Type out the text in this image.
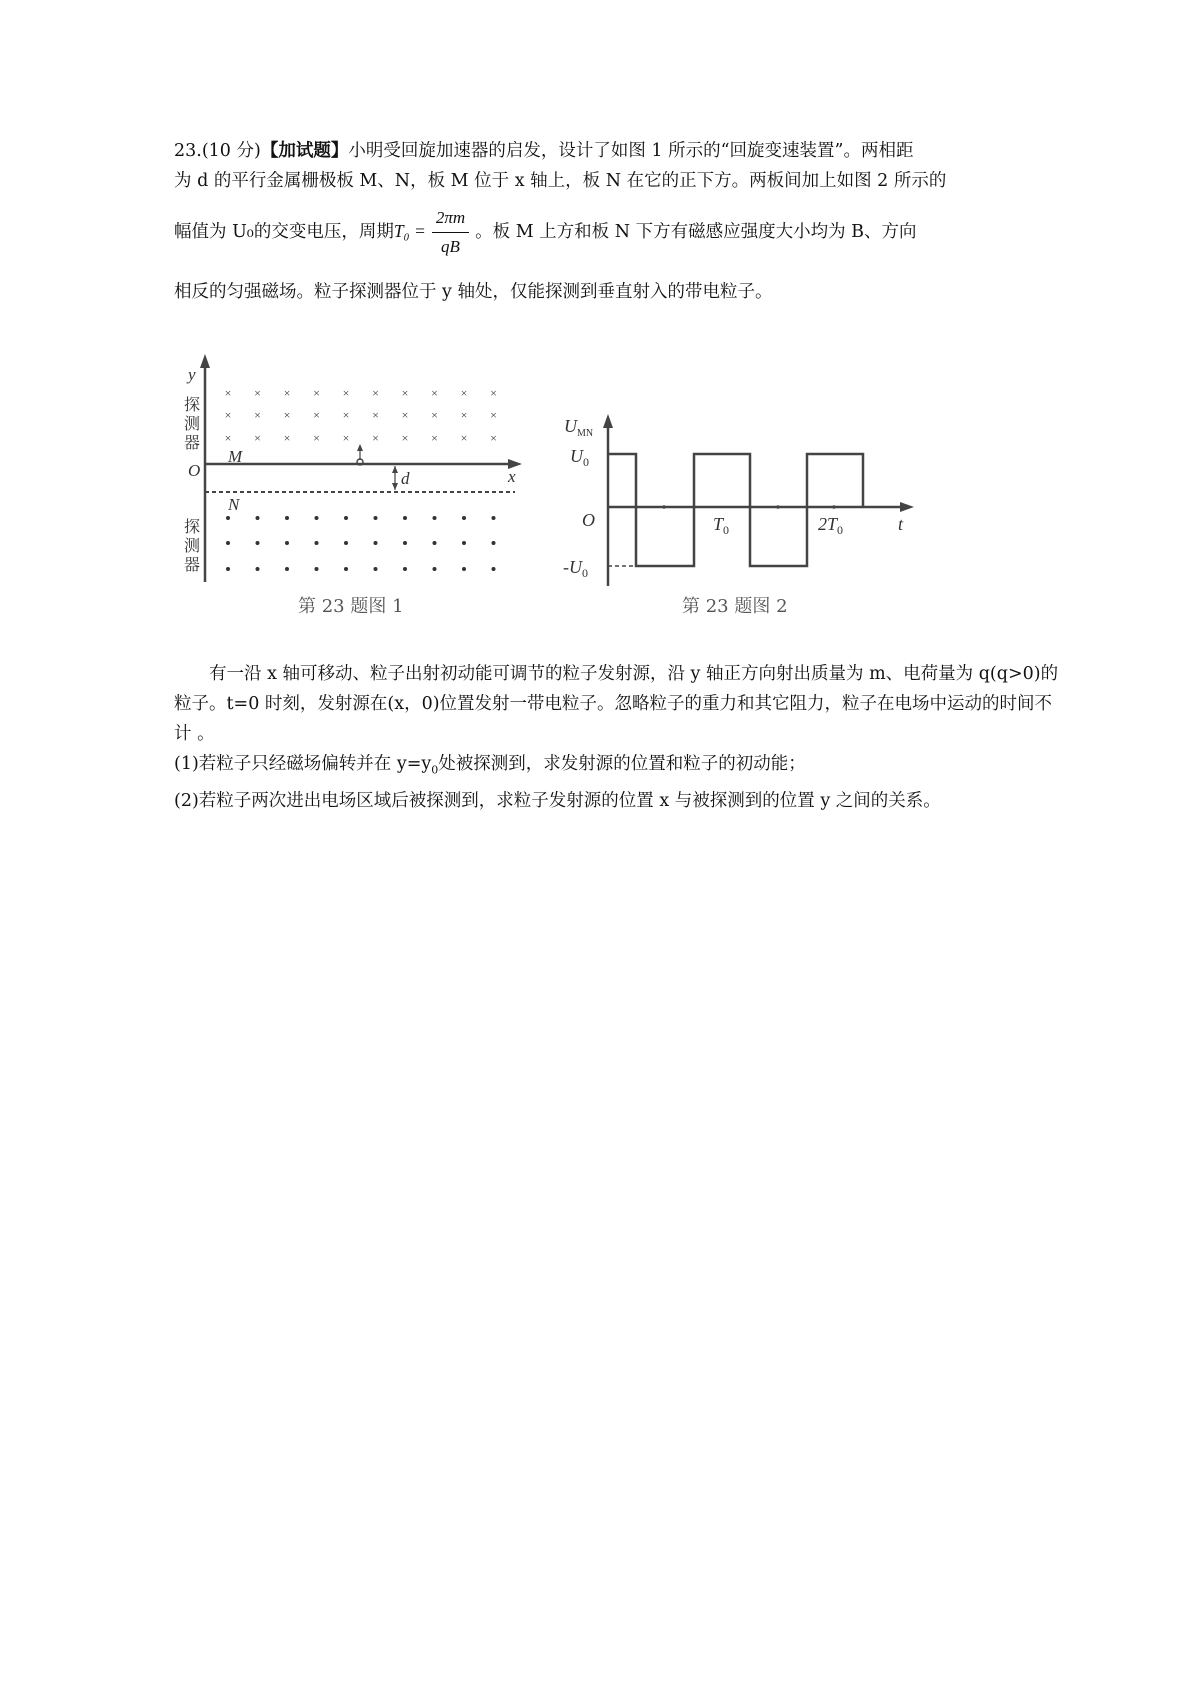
23.(10 分)【加试题】小明受回旋加速器的启发，设计了如图 1 所示的“回旋变速装置”。两相距
为 d 的平行金属栅极板 M、N，板 M 位于 x 轴上，板 N 在它的正下方。两板间加上如图 2 所示的
幅值为 U₀的交变电压，周期$T_0 = \frac{2\pi m}{qB}$ 。板 M 上方和板 N 下方有磁感应强度大小均为 B、方向
相反的匀强磁场。粒子探测器位于 y 轴处，仅能探测到垂直射入的带电粒子。
d
y
x
O
M
N
探
测
器
探
测
器
× × × × × × × × × ×
× × × × × × × × × ×
× × × × × × × × × ×
第 23 题图 1
$U_{MN}$
$U_0$
O
$-U_0$
$T_0$	$2T_0$	t
第 23 题图 2

有一沿 x 轴可移动、粒子出射初动能可调节的粒子发射源，沿 y 轴正方向射出质量为 m、电荷量为 q(q>0)的粒子。t=0 时刻，发射源在(x，0)位置发射一带电粒子。忽略粒子的重力和其它阻力，粒子在电场中运动的时间不计 。

(1)若粒子只经磁场偏转并在 $y=y_0$处被探测到，求发射源的位置和粒子的初动能；

(2)若粒子两次进出电场区域后被探测到，求粒子发射源的位置 x 与被探测到的位置 y 之间的关系。
